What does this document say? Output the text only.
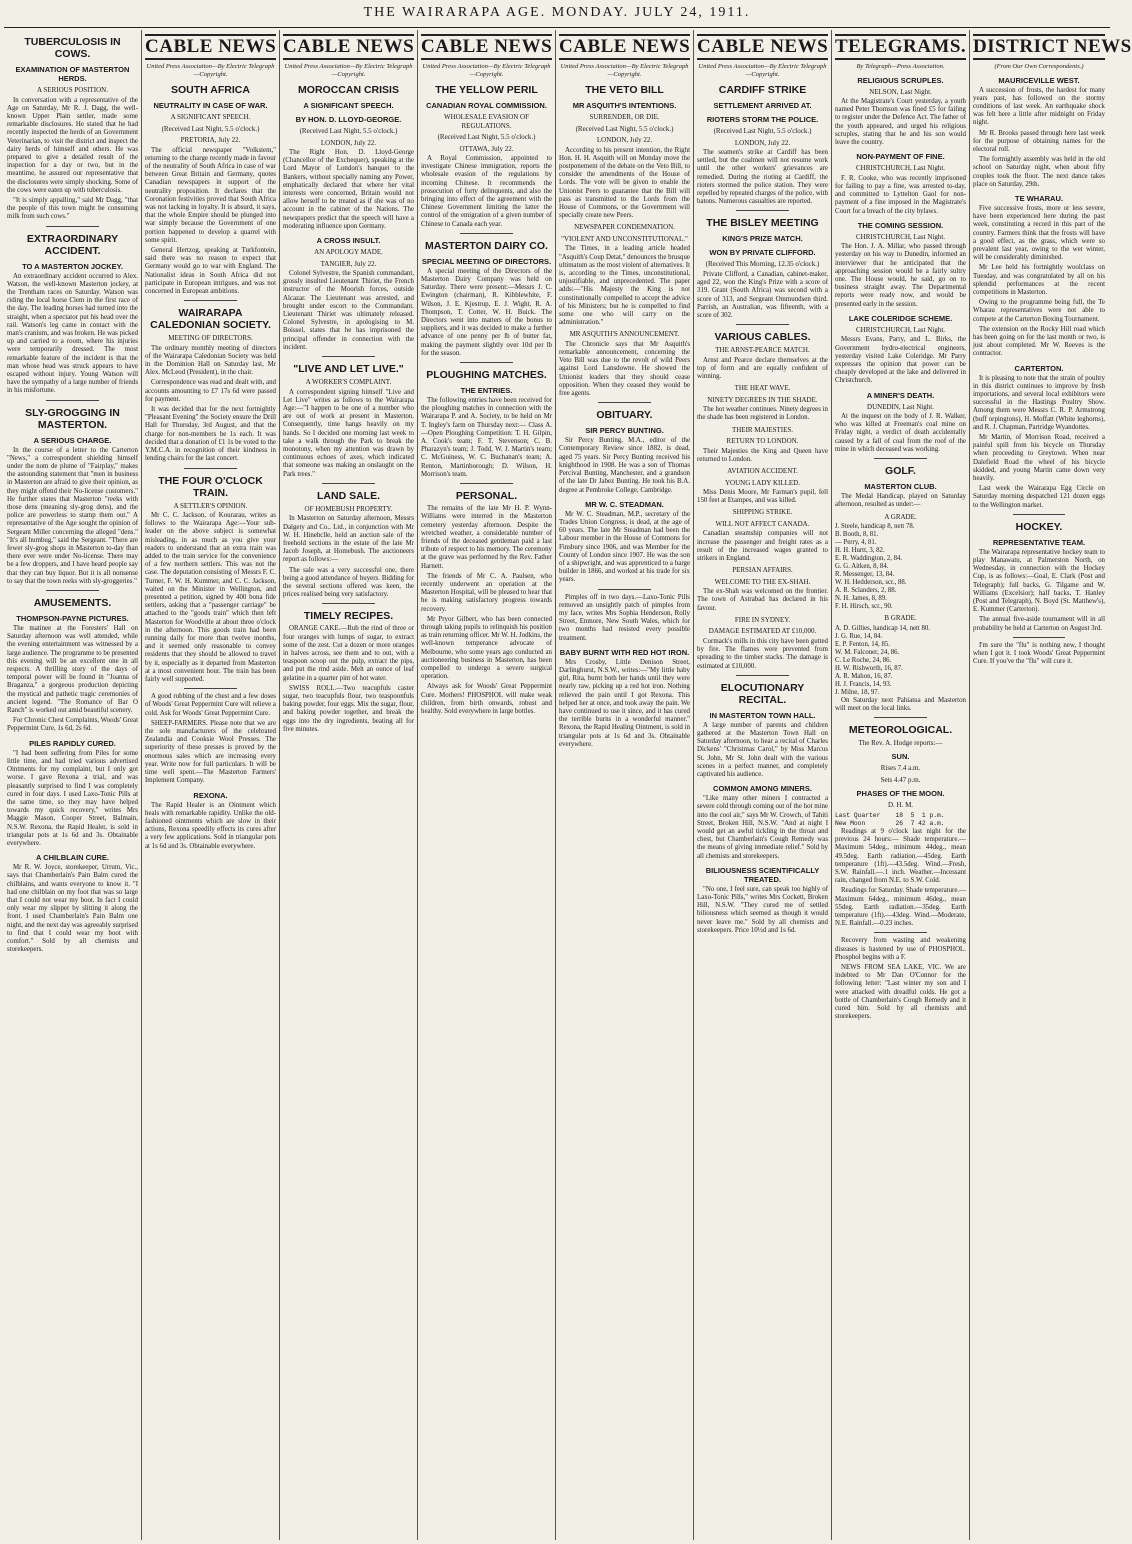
THE WAIRARAPA AGE. MONDAY. JULY 24, 1911.
TUBERCULOSIS IN COWS.
EXAMINATION OF MASTERTON HERDS.
A SERIOUS POSITION.

In conversation with a representative of the Age on Saturday, Mr R. J. Dagg, the well-known Upper Plain settler, made some remarkable disclosures. He stated that he had recently inspected the herds of an Government Veterinarian, to visit the district and inspect the dairy herds of himself and others. He was prepared to give a detailed result of the inspection for a day or two, but in the meantime, he assured our representative that the disclosures were simply shocking. Some of the cows were eaten up with tuberculosis.

"It is simply appalling," said Mr Dagg, "that the people of this town might be consuming milk from such cows."

EXTRAORDINARY ACCIDENT.
TO A MASTERTON JOCKEY.

An extraordinary accident occurred to Alex. Watson, the well-known Masterton jockey, at the Trentham races on Saturday. Watson was riding the local horse Clem in the first race of the day. The leading horses had turned into the straight, when a spectator put his head over the rail. Watson's leg came in contact with the man's cranium, and was broken. He was picked up and carried to a room, where his injuries were temporarily dressed. The most remarkable feature of the incident is that the man whose head was struck appears to have escaped without injury. Young Watson will have the sympathy of a large number of friends in his misfortune.

SLY-GROGGING IN MASTERTON.
A SERIOUS CHARGE.

In the course of a letter to the Carterton "News," a correspondent shielding himself under the nom de plume of "Fairplay," makes the astounding statement that "men in business in Masterton are afraid to give their opinion, as they might offend their No-license customers." He further states that Masterton "reeks with those dens (meaning sly-grog dens), and the police are powerless to stamp them out." A representative of the Age sought the opinion of Sergeant Miller concerning the alleged "dens." "It's all humbug," said the Sergeant. "There are fewer sly-grog shops in Masterton to-day than there ever were under No-license. There may be a few droppers, and I have heard people say that they can buy liquor. But it is all nonsense to say that the town reeks with sly-groggeries."

AMUSEMENTS.
THOMPSON-PAYNE PICTURES.

The matinee at the Foresters' Hall on Saturday afternoon was well attended, while the evening entertainment was witnessed by a large audience. The programme to be presented this evening will be an excellent one in all respects. A thrilling story of the days of temporal power will be found in "Joanna of Braganza," a gorgeous production depicting the mystical and pathetic tragic ceremonies of ancient legend. "The Romance of Bar O Ranch" is worked out amid beautiful scenery.

For Chronic Chest Complaints, Woods' Great Peppermint Cure, 1s 6d, 2s 6d.

PILES RAPIDLY CURED.

"I had been suffering from Piles for some little time, and had tried various advertised Ointments for my complaint, but I only got worse. I gave Rexona a trial, and was pleasantly surprised to find I was completely cured in four days. I used Laxo-Tonic Pills at the same time, so they may have helped towards my quick recovery," writes Mrs Maggie Mason, Cooper Street, Balmain, N.S.W. Rexona, the Rapid Healer, is sold in triangular pots at 1s 6d and 3s. Obtainable everywhere.

A CHILBLAIN CURE.

Mr R. W. Joyce, storekeeper, Urrum, Vic., says that Chamberlain's Pain Balm cured the chilblains, and wants everyone to know it. "I had one chilblain on my foot that was so large that I could not wear my boot. In fact I could only wear my slipper by slitting it along the front. I used Chamberlain's Pain Balm one night, and the next day was agreeably surprised to find that I could wear my boot with comfort." Sold by all chemists and storekeepers.

CABLE NEWS
United Press Association—By Electric Telegraph—Copyright.
SOUTH AFRICA
NEUTRALITY IN CASE OF WAR.
A SIGNIFICANT SPEECH.
(Received Last Night, 5.5 o'clock.)
PRETORIA, July 22.

The official newspaper "Volkstem," returning to the charge recently made in favour of the neutrality of South Africa in case of war between Great Britain and Germany, quotes Canadian newspapers in support of the neutrality proposition. It declares that the Coronation festivities proved that South Africa was not lacking in loyalty. It is absurd, it says, that the whole Empire should be plunged into war simply because the Government of one portion happened to develop a quarrel with some spirit.

General Hertzog, speaking at Turkfontein, said there was no reason to expect that Germany would go to war with England. The Nationalist ideas in South Africa did not participate in European intrigues, and was not concerned in European ambitions.

WAIRARAPA CALEDONIAN SOCIETY.
MEETING OF DIRECTORS.

The ordinary monthly meeting of directors of the Wairarapa Caledonian Society was held in the Dominion Hall on Saturday last, Mr Alex. McLeod (President), in the chair.

Correspondence was read and dealt with, and accounts amounting to £7 17s 6d were passed for payment.

It was decided that for the next fortnightly "Pleasant Evening" the Society ensure the Drill Hall for Thursday, 3rd August, and that the charge for non-members be 1s each. It was decided that a donation of £1 1s be voted to the Y.M.C.A. in recognition of their kindness in lending chairs for the last concert.

THE FOUR O'CLOCK TRAIN.
A SETTLER'S OPINION.

Mr C. C. Jackson, of Kourarau, writes as follows to the Wairarapa Age:—Your sub-leader on the above subject is somewhat misleading, in as much as you give your readers to understand that an extra train was added to the train service for the convenience of a few northern settlers. This was not the case. The deputation consisting of Messrs F. C. Turner, F. W. H. Kummer, and C. C. Jackson, waited on the Minister in Wellington, and presented a petition, signed by 400 bona fide settlers, asking that a "passenger carriage" be attached to the "goods train" which then left Masterton for Woodville at about three o'clock in the afternoon. This goods train had been running daily for more than twelve months, and it seemed only reasonable to convey residents that they should be allowed to travel by it, especially as it departed from Masterton at a most convenient hour. The train has been fairly well supported.

A good rubbing of the chest and a few doses of Woods' Great Peppermint Cure will relieve a cold. Ask for Woods' Great Peppermint Cure.

SHEEP-FARMERS. Please note that we are the sole manufacturers of the celebrated Zealandia and Cooksie Wool Presses. The superiority of these presses is proved by the enormous sales which are increasing every year. Write now for full particulars. It will be time well spent.—The Masterton Farmers' Implement Company.

REXONA.

The Rapid Healer is an Ointment which heals with remarkable rapidity. Unlike the old-fashioned ointments which are slow in their actions, Rexona speedily effects its cures after a very few applications. Sold in triangular pots at 1s 6d and 3s. Obtainable everywhere.

CABLE NEWS
United Press Association—By Electric Telegraph—Copyright.
MOROCCAN CRISIS
A SIGNIFICANT SPEECH.
BY HON. D. LLOYD-GEORGE.
(Received Last Night, 5.5 o'clock.)
LONDON, July 22.

The Right Hon. D. Lloyd-George (Chancellor of the Exchequer), speaking at the Lord Mayor of London's banquet to the Bankers, without specially naming any Power, emphatically declared that where her vital interests were concerned, Britain would not allow herself to be treated as if she was of no account in the cabinet of the Nations. The newspapers predict that the speech will have a moderating influence upon Germany.

A CROSS INSULT.
AN APOLOGY MADE.
TANGIER, July 22.

Colonel Sylvestre, the Spanish commandant, grossly insulted Lieutenant Thiriet, the French instructor of the Moorish forces, outside Alcazar. The Lieutenant was arrested, and brought under escort to the Commandant. Lieutenant Thiriet was ultimately released. Colonel Sylvestre, in apologising to M. Boissel, states that he has imprisoned the principal offender in connection with the incident.

"LIVE AND LET LIVE."
A WORKER'S COMPLAINT.

A correspondent signing himself "Live and Let Live" writes as follows to the Wairarapa Age:—"I happen to be one of a number who are out of work at present in Masterton. Consequently, time hangs heavily on my hands. So I decided one morning last week to take a walk through the Park to break the monotony, when my attention was drawn by continuous echoes of axes, which indicated that someone was making an onslaught on the Park trees."

LAND SALE.
OF HOMEBUSH PROPERTY.

In Masterton on Saturday afternoon, Messrs Dalgety and Co., Ltd., in conjunction with Mr W. H. Hinehclle, held an auction sale of the freehold sections in the estate of the late Mr Jacob Joseph, at Homebush. The auctioneers report as follows:—

The sale was a very successful one, there being a good attendance of buyers. Bidding for the several sections offered was keen, the prices realised being very satisfactory.

TIMELY RECIPES.

ORANGE CAKE.—Rub the rind of three or four oranges with lumps of sugar, to extract some of the zest. Cut a dozen or more oranges in halves across, see them and to out, with a teaspoon scoop out the pulp, extract the pips, and put the rind aside. Melt an ounce of leaf gelatine in a quarter pint of hot water.

SWISS ROLL.—Two teacupfuls caster sugar, two teacupfuls flour, two teaspoonfuls baking powder, four eggs. Mix the sugar, flour, and baking powder together, and break the eggs into the dry ingredients, beating all for five minutes.

CABLE NEWS
United Press Association—By Electric Telegraph—Copyright.
THE YELLOW PERIL
CANADIAN ROYAL COMMISSION.
WHOLESALE EVASION OF REGULATIONS.
(Received Last Night, 5.5 o'clock.)
OTTAWA, July 22.

A Royal Commission, appointed to investigate Chinese immigration, reports the wholesale evasion of the regulations by incoming Chinese. It recommends the prosecution of forty delinquents, and also the bringing into effect of the agreement with the Chinese Government limiting the latter the control of the emigration of a given number of Chinese to Canada each year.

MASTERTON DAIRY CO.
SPECIAL MEETING OF DIRECTORS.

A special meeting of the Directors of the Masterton Dairy Company was held on Saturday. There were present:—Messrs J. C. Ewington (chairman), R. Kibblewhite, F. Wilson, J. E. Kjestrup, E. J. Wight, R. A. Thompson, T. Cotter, W. H. Buick. The Directors went into matters of the bonus to suppliers, and it was decided to make a further advance of one penny per lb of butter fat, making the payment slightly over 10d per lb for the season.

PLOUGHING MATCHES.
THE ENTRIES.

The following entries have been received for the ploughing matches in connection with the Wairarapa P. and A. Society, to be held on Mr T. Ingley's farm on Thursday next:— Class A.—Open Ploughing Competition: T. H. Gilpin, A. Cook's team; F. T. Stevenson; C. B. Pharazyn's team; J. Todd, W. J. Martin's team; C. McGuiness, W. C. Buchanan's team; A. Renton, Martinborough; D. Wilson, H. Morrison's team.

PERSONAL.

The remains of the late Mr H. P. Wynn-Williams were interred in the Masterton cemetery yesterday afternoon. Despite the wretched weather, a considerable number of friends of the deceased gentleman paid a last tribute of respect to his memory. The ceremony at the grave was performed by the Rev. Father Harnett.

The friends of Mr C. A. Paulsen, who recently underwent an operation at the Masterton Hospital, will be pleased to hear that he is making satisfactory progress towards recovery.

Mr Pryor Gilbert, who has been connected through taking pupils to relinquish his position as train returning officer. Mr W. H. Jodkins, the well-known temperance advocate of Melbourne, who some years ago conducted an auctioneering business in Masterton, has been compelled to undergo a severe surgical operation.

Always ask for Woods' Great Peppermint Cure. Mothers! PHOSPHOL will make weak children, from birth onwards, robust and healthy. Sold everywhere in large bottles.

CABLE NEWS
United Press Association—By Electric Telegraph—Copyright.
THE VETO BILL
MR ASQUITH'S INTENTIONS.
SURRENDER, OR DIE.
(Received Last Night, 5.5 o'clock.)
LONDON, July 22.

According to his present intention, the Right Hon. H. H. Asquith will on Monday move the postponement of the debate on the Veto Bill, to consider the amendments of the House of Lords. The vote will be given to enable the Unionist Peers to guarantee that the Bill will pass as transmitted to the Lords from the House of Commons, or the Government will specially create new Peers.

NEWSPAPER CONDEMNATION.
"VIOLENT AND UNCONSTITUTIONAL."

The Times, in a leading article headed "Asquith's Coup Detat," denounces the brusque ultimatum as the most violent of alternatives. It is, according to the Times, unconstitutional, unjustifiable, and unprecedented. The paper adds:—"His Majesty the King is not constitutionally compelled to accept the advice of his Ministers; but he is compelled to find some one who will carry on the administration."

MR ASQUITH'S ANNOUNCEMENT.

The Chronicle says that Mr Asquith's remarkable announcement, concerning the Veto Bill was due to the revolt of wild Peers against Lord Lansdowne. He showed the Unionist leaders that they should cease opposition. When they ceased they would be free agents.

OBITUARY.
SIR PERCY BUNTING.

Sir Percy Bunting, M.A., editor of the Contemporary Review since 1882, is dead, aged 75 years. Sir Percy Bunting received his knighthood in 1908. He was a son of Thomas Percival Bunting, Manchester, and a grandson of the late Dr Jabez Bunting. He took his B.A. degree at Pembroke College, Cambridge.

MR W. C. STEADMAN.

Mr W. C. Steadman, M.P., secretary of the Trades Union Congress, is dead, at the age of 60 years. The late Mr Steadman had been the Labour member in the House of Commons for Finsbury since 1906, and was Member for the County of London since 1907. He was the son of a shipwright, and was apprenticed to a barge builder in 1866, and worked at his trade for six years.

Pimples off in two days.—Laxo-Tonic Pills removed an unsightly patch of pimples from my face, writes Mrs Sophia Henderson, Rolly Street, Enmore, New South Wales, which for two months had resisted every possible treatment.

BABY BURNT WITH RED HOT IRON.

Mrs Crosby, Little Denison Street, Darlinghurst, N.S.W., writes:—"My little baby girl, Rita, burnt both her hands until they were nearly raw, picking up a red hot iron. Nothing relieved the pain until I got Rexona. This helped her at once, and took away the pain. We have continued to use it since, and it has cured the terrible burns in a wonderful manner." Rexona, the Rapid Healing Ointment, is sold in triangular pots at 1s 6d and 3s. Obtainable everywhere.

CABLE NEWS
United Press Association—By Electric Telegraph—Copyright.
CARDIFF STRIKE
SETTLEMENT ARRIVED AT.
RIOTERS STORM THE POLICE.
(Received Last Night, 5.5 o'clock.)
LONDON, July 22.

The seamen's strike at Cardiff has been settled, but the coalmen will not resume work until the other workers' grievances are remedied. During the rioting at Cardiff, the rioters stormed the police station. They were repelled by repeated charges of the police, with batons. Numerous casualties are reported.

THE BISLEY MEETING
KING'S PRIZE MATCH.
WON BY PRIVATE CLIFFORD.
(Received This Morning, 12.35 o'clock.)

Private Clifford, a Canadian, cabinet-maker, aged 22, won the King's Prize with a score of 319. Grant (South Africa) was second with a score of 313, and Sergeant Ommundsen third. Parrish, an Australian, was fifteenth, with a score of 302.

VARIOUS CABLES.
THE ARNST-PEARCE MATCH.

Arnst and Pearce declare themselves at the top of form and are equally confident of winning.

THE HEAT WAVE.
NINETY DEGREES IN THE SHADE.

The hot weather continues. Ninety degrees in the shade has been registered in London.

THEIR MAJESTIES.
RETURN TO LONDON.

Their Majesties the King and Queen have returned to London.

AVIATION ACCIDENT.
YOUNG LADY KILLED.

Miss Denis Moore, Mr Farman's pupil, fell 150 feet at Etampes, and was killed.

SHIPPING STRIKE.
WILL NOT AFFECT CANADA.

Canadian steamship companies will not increase the passenger and freight rates as a result of the increased wages granted to strikers in England.

PERSIAN AFFAIRS.
WELCOME TO THE EX-SHAH.

The ex-Shah was welcomed on the frontier. The town of Astrabad has declared in his favour.

FIRE IN SYDNEY.
DAMAGE ESTIMATED AT £10,000.

Cormack's mills in this city have been gutted by fire. The flames were prevented from spreading to the timber stacks. The damage is estimated at £10,000.

ELOCUTIONARY RECITAL.
IN MASTERTON TOWN HALL.

A large number of parents and children gathered at the Masterton Town Hall on Saturday afternoon, to hear a recital of Charles Dickens' "Christmas Carol," by Miss Marcus St. John, Mr St. John dealt with the various scenes in a perfect manner, and completely captivated his audience.

COMMON AMONG MINERS.

"Like many other miners I contracted a severe cold through coming out of the hot mine into the cool air," says Mr W. Crowch, of Tahiti Street, Broken Hill, N.S.W. "And at night I would get an awful tickling in the throat and chest, but Chamberlain's Cough Remedy was the means of giving immediate relief." Sold by all chemists and storekeepers.

BILIOUSNESS SCIENTIFICALLY TREATED.

"No one, I feel sure, can speak too highly of Laxo-Tonic Pills," writes Mrs Cockett, Broken Hill, N.S.W. "They cured me of settled biliousness which seemed as though it would never leave me." Sold by all chemists and storekeepers. Price 10½d and 1s 6d.

TELEGRAMS.
By Telegraph—Press Association.
RELIGIOUS SCRUPLES.
NELSON, Last Night.

At the Magistrate's Court yesterday, a youth named Peter Thomson was fined £5 for failing to register under the Defence Act. The father of the youth appeared, and urged his religious scruples, stating that he and his son would leave the country.

NON-PAYMENT OF FINE.
CHRISTCHURCH, Last Night.

F. R. Cooke, who was recently imprisoned for failing to pay a fine, was arrested to-day, and committed to Lyttelton Gaol for non-payment of a fine imposed in the Magistrate's Court for a breach of the city bylaws.

THE COMING SESSION.
CHRISTCHURCH, Last Night.

The Hon. J. A. Millar, who passed through yesterday on his way to Dunedin, informed an interviewer that he anticipated that the approaching session would be a fairly sultry one. The House would, he said, go on to business straight away. The Departmental reports were ready now, and would be presented early in the session.

LAKE COLERIDGE SCHEME.
CHRISTCHURCH, Last Night.

Messrs Evans, Parry, and L. Birks, the Government hydro-electrical engineers, yesterday visited Lake Coleridge. Mr Parry expresses the opinion that power can be cheaply developed at the lake and delivered in Christchurch.

A MINER'S DEATH.
DUNEDIN, Last Night.

At the inquest on the body of J. R. Walker, who was killed at Freeman's coal mine on Friday night, a verdict of death accidentally caused by a fall of coal from the roof of the mine in which deceased was working.

GOLF.
MASTERTON CLUB.

The Medal Handicap, played on Saturday afternoon, resulted as under:—

A GRADE.
J. Steele, handicap 8, nett 78.
B. Booth, 8, 81.
— Perry, 4, 81.
H. H. Hurtt, 3, 82.
E. R. Waddington, 2, 84.
G. G. Aitken, 8, 84.
R. Messenger, 13, 84.
W. H. Hedderson, scr., 88.
A. R. Sclanders, 2, 88.
N. H. James, 8, 89.
F. H. Hirsch, scr., 90.
B GRADE.
A. D. Gillies, handicap 14, nett 80.
J. G. Rue, 14, 84.
E. P. Fenton, 14, 85.
W. M. Falconer, 24, 86.
C. Le Roche, 24, 86.
H. W. Rishworth, 16, 87.
A. R. Mahon, 16, 87.
H. J. Francis, 14, 93.
J. Milne, 18, 97.

On Saturday next Pahiatua and Masterton will meet on the local links.

METEOROLOGICAL.
The Rev. A. Hodge reports:—
SUN.
Rises 7.4 a.m.
Sets 4.47 p.m.
PHASES OF THE MOON.
D. H. M.
Last Quarter    18  5  1 p.m.
New Moon        26  7 42 a.m.

Readings at 9 o'clock last night for the previous 24 hours:— Shade temperature.—Maximum 54deg., minimum 44deg., mean 49.5deg. Earth radiation.—45deg. Earth temperature (1ft).—43.5deg. Wind.—Fresh, S.W. Rainfall.—.1 inch. Weather.—Incessant rain, changed from N.E. to S.W. Cold.

Readings for Saturday. Shade temperature.—Maximum 64deg., minimum 46deg., mean 55deg. Earth radiation.—35deg. Earth temperature (1ft).—43deg. Wind.—Moderate, N.E. Rainfall.—0.23 inches.

Recovery from wasting and weakening diseases is hastened by use of PHOSPHOL. Phosphol begins with a F.

NEWS FROM SEA LAKE, VIC. We are indebted to Mr Dan O'Connor for the following letter: "Last winter my son and I were attacked with dreadful colds. He got a bottle of Chamberlain's Cough Remedy and it cured him. Sold by all chemists and storekeepers.

DISTRICT NEWS
(From Our Own Correspondents.)
MAURICEVILLE WEST.

A succession of frosts, the hardest for many years past, has followed on the stormy conditions of last week. An earthquake shock was felt here a little after midnight on Friday night.

Mr R. Brooks passed through here last week for the purpose of obtaining names for the electoral roll.

The fortnightly assembly was held in the old school on Saturday night, when about fifty couples took the floor. The next dance takes place on Saturday, 29th.

TE WHARAU.

Five successive frosts, more or less severe, have been experienced here during the past week, constituting a record in this part of the country. Farmers think that the frosts will have a good effect, as the grass, which were so prevalent last year, owing to the wet winter, will be considerably diminished.

Mr Lee held his fortnightly woolclass on Tuesday, and was congratulated by all on his splendid performances at the recent competitions in Masterton.

Owing to the programme being full, the Te Wharau representatives were not able to compete at the Carterton Boxing Tournament.

The extension on the Rocky Hill road which has been going on for the last month or two, is just about completed. Mr W. Reeves is the contractor.

CARTERTON.

It is pleasing to note that the strain of poultry in this district continues to improve by fresh importations, and several local exhibitors were successful in the Hastings Poultry Show. Among them were Messrs C. R. P. Armstrong (buff orpingtons), H. Moffatt (White leghorns), and R. J. Chapman, Partridge Wyandottes.

Mr Martin, of Morrison Road, received a painful spill from his bicycle on Thursday when proceeding to Greytown. When near Dalefield Road the wheel of his bicycle skidded, and young Martin came down very heavily.

Last week the Wairarapa Egg Circle on Saturday morning despatched 121 dozen eggs to the Wellington market.

HOCKEY.
REPRESENTATIVE TEAM.

The Wairarapa representative hockey team to play Manawatu, at Palmerston North, on Wednesday, in connection with the Hockey Cup, is as follows:—Goal, E. Clark (Post and Telegraph); full backs, G. Tilgame and W. Williams (Excelsior); half backs, T. Hanley (Post and Telegraph), N. Boyd (St. Matthew's), E. Kummer (Carterton).

The annual five-aside tournament will in all probability be held at Carterton on August 3rd.

I'm sure the "flu" is nothing new, I thought when I got it. I took Woods' Great Peppermint Cure. If you've the "flu" will cure it.
